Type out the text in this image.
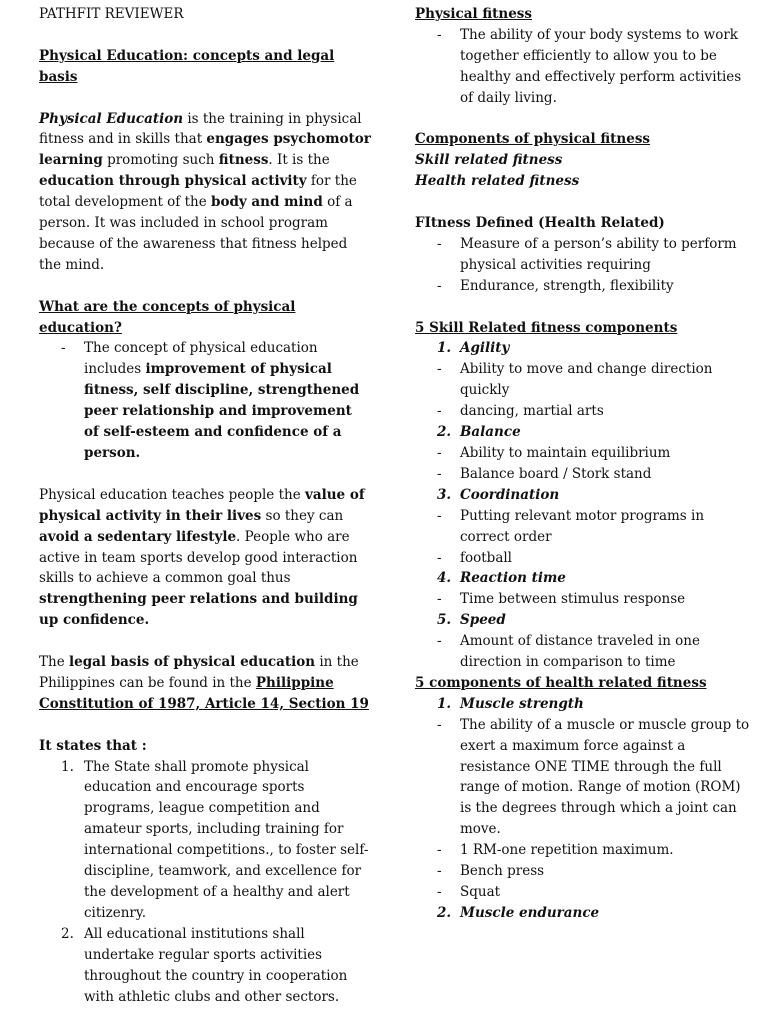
PATHFIT REVIEWER

Physical Education: concepts and legal basis

Physical Education is the training in physical fitness and in skills that engages psychomotor learning promoting such fitness. It is the education through physical activity for the total development of the body and mind of a person. It was included in school program because of the awareness that fitness helped the mind.

What are the concepts of physical education?

- The concept of physical education includes improvement of physical fitness, self discipline, strengthened peer relationship and improvement of self-esteem and confidence of a person.

Physical education teaches people the value of physical activity in their lives so they can avoid a sedentary lifestyle. People who are active in team sports develop good interaction skills to achieve a common goal thus strengthening peer relations and building up confidence.

The legal basis of physical education in the Philippines can be found in the Philippine Constitution of 1987, Article 14, Section 19

It states that :

1. The State shall promote physical education and encourage sports programs, league competition and amateur sports, including training for international competitions., to foster self-discipline, teamwork, and excellence for the development of a healthy and alert citizenry.

2. All educational institutions shall undertake regular sports activities throughout the country in cooperation with athletic clubs and other sectors.

Physical fitness

- The ability of your body systems to work together efficiently to allow you to be healthy and effectively perform activities of daily living.

Components of physical fitness

Skill related fitness

Health related fitness

FItness Defined (Health Related)

- Measure of a person’s ability to perform physical activities requiring

- Endurance, strength, flexibility

5 Skill Related fitness components

1. Agility
- Ability to move and change direction quickly

- dancing, martial arts

2. Balance
- Ability to maintain equilibrium

- Balance board / Stork stand

3. Coordination
- Putting relevant motor programs in correct order

- football

4. Reaction time
- Time between stimulus response

5. Speed
- Amount of distance traveled in one direction in comparison to time

5 components of health related fitness

1. Muscle strength
- The ability of a muscle or muscle group to exert a maximum force against a resistance ONE TIME through the full range of motion. Range of motion (ROM) is the degrees through which a joint can move.

- 1 RM-one repetition maximum.

- Bench press

- Squat

2. Muscle endurance
